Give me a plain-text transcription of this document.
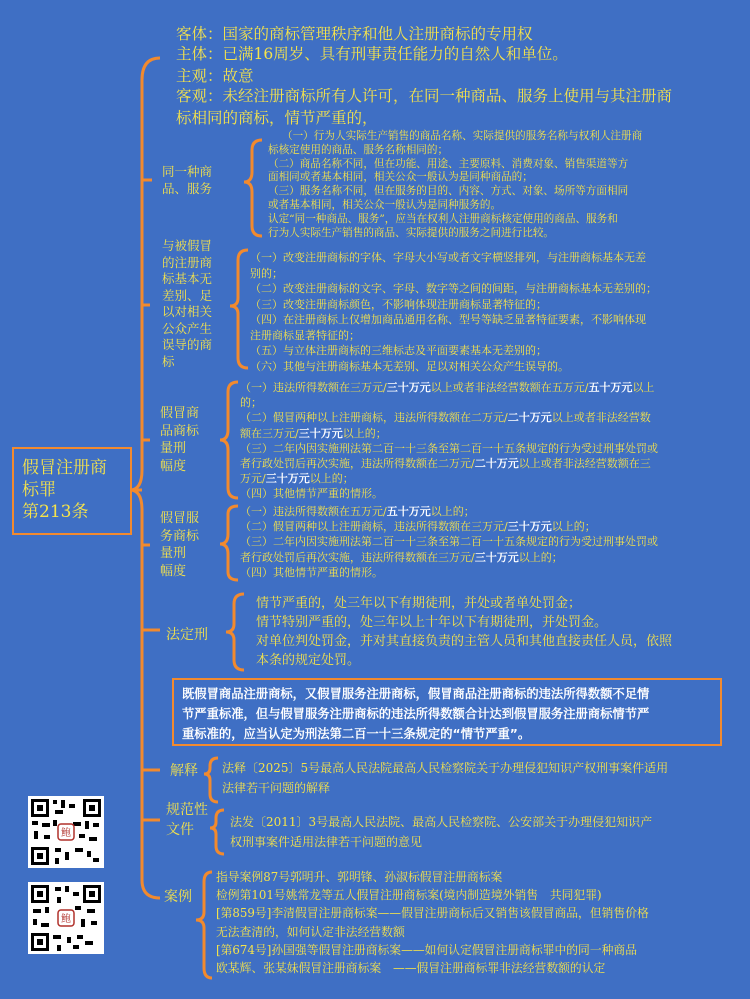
假冒注册商
标罪
第213条
客体：国家的商标管理秩序和他人注册商标的专用权
主体：已满16周岁、具有刑事责任能力的自然人和单位。
主观：故意
客观：未经注册商标所有人许可，在同一种商品、服务上使用与其注册商
标相同的商标，情节严重的，
同一种商
品、服务
（一）行为人实际生产销售的商品名称、实际提供的服务名称与权利人注册商
标核定使用的商品、服务名称相同的；
（二）商品名称不同，但在功能、用途、主要原料、消费对象、销售渠道等方
面相同或者基本相同，相关公众一般认为是同种商品的；
（三）服务名称不同，但在服务的目的、内容、方式、对象、场所等方面相同
或者基本相同，相关公众一般认为是同种服务的。
认定“同一种商品、服务”，应当在权利人注册商标核定使用的商品、服务和
行为人实际生产销售的商品、实际提供的服务之间进行比较。
与被假冒
的注册商
标基本无
差别、足
以对相关
公众产生
误导的商
标
（一）改变注册商标的字体、字母大小写或者文字横竖排列，与注册商标基本无差
别的；
（二）改变注册商标的文字、字母、数字等之间的间距，与注册商标基本无差别的；
（三）改变注册商标颜色，不影响体现注册商标显著特征的；
（四）在注册商标上仅增加商品通用名称、型号等缺乏显著特征要素，不影响体现
注册商标显著特征的；
（五）与立体注册商标的三维标志及平面要素基本无差别的；
（六）其他与注册商标基本无差别、足以对相关公众产生误导的。
假冒商
品商标
量刑
幅度
（一）违法所得数额在三万元/三十万元以上或者非法经营数额在五万元/五十万元以上
的；
（二）假冒两种以上注册商标，违法所得数额在二万元/二十万元以上或者非法经营数
额在三万元/三十万元以上的；
（三）二年内因实施刑法第二百一十三条至第二百一十五条规定的行为受过刑事处罚或
者行政处罚后再次实施，违法所得数额在二万元/二十万元以上或者非法经营数额在三
万元/三十万元以上的；
（四）其他情节严重的情形。
假冒服
务商标
量刑
幅度
（一）违法所得数额在五万元/五十万元以上的；
（二）假冒两种以上注册商标，违法所得数额在三万元/三十万元以上的；
（三）二年内因实施刑法第二百一十三条至第二百一十五条规定的行为受过刑事处罚或
者行政处罚后再次实施，违法所得数额在三万元/三十万元以上的；
（四）其他情节严重的情形。
法定刑
情节严重的，处三年以下有期徒刑，并处或者单处罚金；
情节特别严重的，处三年以上十年以下有期徒刑，并处罚金。
对单位判处罚金，并对其直接负责的主管人员和其他直接责任人员，依照
本条的规定处罚。
既假冒商品注册商标，又假冒服务注册商标，假冒商品注册商标的违法所得数额不足情
节严重标准，但与假冒服务注册商标的违法所得数额合计达到假冒服务注册商标情节严
重标准的，应当认定为刑法第二百一十三条规定的“情节严重”。
解释 法释〔2025〕5号最高人民法院最高人民检察院关于办理侵犯知识产权刑事案件适用
法律若干问题的解释
规范性
文件	法发〔2011〕3号最高人民法院、最高人民检察院、公安部关于办理侵犯知识产
权刑事案件适用法律若干问题的意见
案例
指导案例87号郭明升、郭明锋、孙淑标假冒注册商标案
检例第101号姚常龙等五人假冒注册商标案(境内制造境外销售　共同犯罪)
[第859号]李清假冒注册商标案——假冒注册商标后又销售该假冒商品，但销售价格
无法查清的，如何认定非法经营数额
[第674号]孙国强等假冒注册商标案——如何认定假冒注册商标罪中的同一种商品
欧某辉、张某妹假冒注册商标案　——假冒注册商标罪非法经营数额的认定
鲍
鲍
